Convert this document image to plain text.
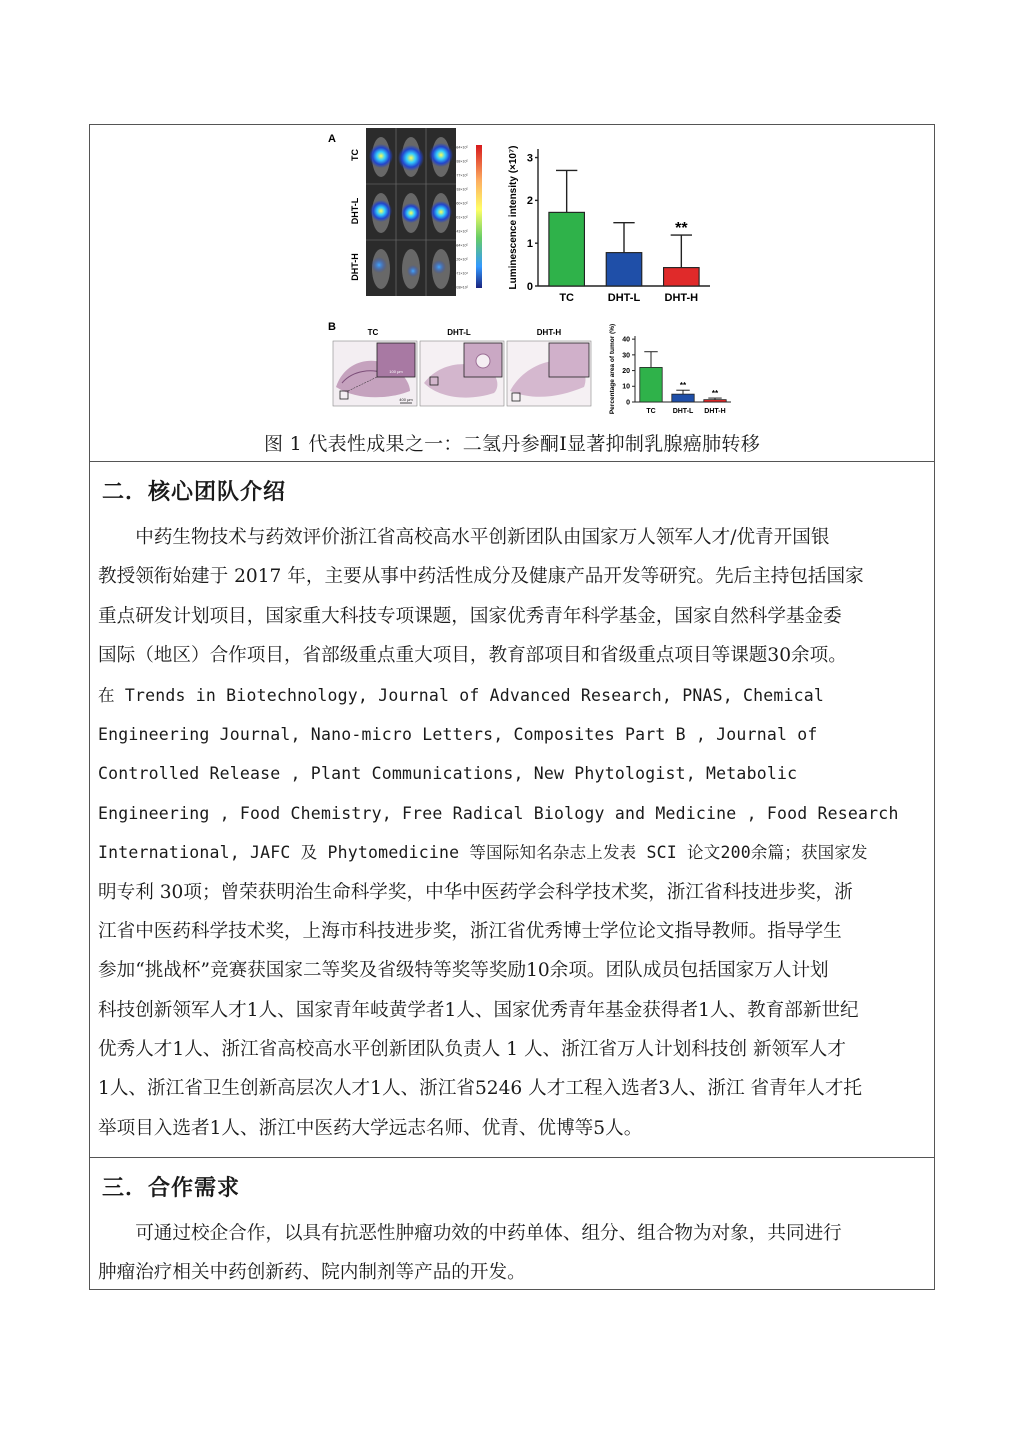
A
TC
DHT-L
DHT-H
5.584×10⁵
5.038×10⁵
4.477×10⁵
3.918×10⁵
3.360×10⁵
2.801×10⁵
2.243×10⁵
1.684×10⁵
1.126×10⁵
5.671×10⁴
8.038×10²	0
1
2
3
Luminescence intensity (×10⁷)
TC	DHT-L DHT-H
**
B	TC	DHT-L	DHT-H
100 μm
400 μm	0
10
20
30
40
Percentage area of tumor (%)	TC DHT-L
**
DHT-H
**
图 1 代表性成果之一：二氢丹参酮I显著抑制乳腺癌肺转移
二．核心团队介绍
　　中药生物技术与药效评价浙江省高校高水平创新团队由国家万人领军人才/优青开国银
教授领衔始建于 2017 年，主要从事中药活性成分及健康产品开发等研究。先后主持包括国家
重点研发计划项目，国家重大科技专项课题，国家优秀青年科学基金，国家自然科学基金委
国际（地区）合作项目，省部级重点重大项目，教育部项目和省级重点项目等课题30余项。
在 Trends in Biotechnology, Journal of Advanced Research, PNAS, Chemical
Engineering Journal, Nano-micro Letters, Composites Part B , Journal of
Controlled Release , Plant Communications, New Phytologist, Metabolic
Engineering , Food Chemistry, Free Radical Biology and Medicine , Food Research
International, JAFC 及 Phytomedicine 等国际知名杂志上发表 SCI 论文200余篇；获国家发
明专利 30项；曾荣获明治生命科学奖，中华中医药学会科学技术奖，浙江省科技进步奖，浙
江省中医药科学技术奖，上海市科技进步奖，浙江省优秀博士学位论文指导教师。指导学生
参加“挑战杯”竞赛获国家二等奖及省级特等奖等奖励10余项。团队成员包括国家万人计划
科技创新领军人才1人、国家青年岐黄学者1人、国家优秀青年基金获得者1人、教育部新世纪
优秀人才1人、浙江省高校高水平创新团队负责人 1 人、浙江省万人计划科技创 新领军人才
1人、浙江省卫生创新高层次人才1人、浙江省5246 人才工程入选者3人、浙江 省青年人才托
举项目入选者1人、浙江中医药大学远志名师、优青、优博等5人。
三．合作需求
　　可通过校企合作，以具有抗恶性肿瘤功效的中药单体、组分、组合物为对象，共同进行
肿瘤治疗相关中药创新药、院内制剂等产品的开发。
